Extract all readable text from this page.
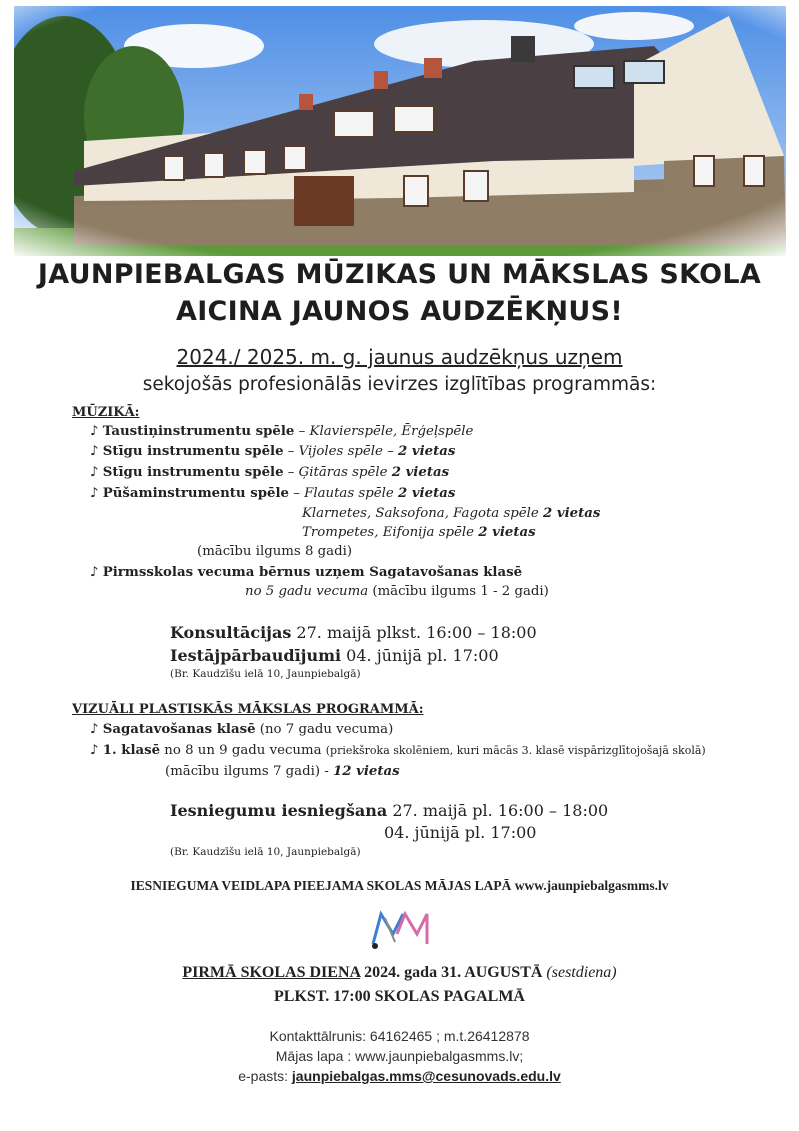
JAUNPIEBALGAS MŪZIKAS UN MĀKSLAS SKOLA
AICINA JAUNOS AUDZĒKŅUS!
2024./ 2025. m. g. jaunus audzēkņus uzņem
sekojošās profesionālās ievirzes izglītības programmās:
MŪZIKĀ:
♪ Taustiņinstrumentu spēle – Klavierspēle, Ērģeļspēle
♪ Stīgu instrumentu spēle – Vijoles spēle – 2 vietas
♪ Stīgu instrumentu spēle – Ģitāras spēle 2 vietas
♪ Pūšaminstrumentu spēle – Flautas spēle 2 vietas
Klarnetes, Saksofona, Fagota spēle 2 vietas
Trompetes, Eifonija spēle 2 vietas
(mācību ilgums 8 gadi)
♪ Pirmsskolas vecuma bērnus uzņem Sagatavošanas klasē
no 5 gadu vecuma (mācību ilgums 1 - 2 gadi)
Konsultācijas 27. maijā plkst. 16:00 – 18:00
Iestājpārbaudījumi 04. jūnijā pl. 17:00
(Br. Kaudzīšu ielā 10, Jaunpiebalgā)
VIZUĀLI PLASTISKĀS MĀKSLAS PROGRAMMĀ:
♪ Sagatavošanas klasē (no 7 gadu vecuma)
♪ 1. klasē no 8 un 9 gadu vecuma (priekšroka skolēniem, kuri mācās 3. klasē vispārizglītojošajā skolā)
(mācību ilgums 7 gadi) - 12 vietas
Iesniegumu iesniegšana 27. maijā pl. 16:00 – 18:00
04. jūnijā pl. 17:00
(Br. Kaudzīšu ielā 10, Jaunpiebalgā)
IESNIEGUMA VEIDLAPA PIEEJAMA SKOLAS MĀJAS LAPĀ www.jaunpiebalgasmms.lv
PIRMĀ SKOLAS DIENA 2024. gada 31. AUGUSTĀ (sestdiena)
PLKST. 17:00 SKOLAS PAGALMĀ
Kontakttālrunis: 64162465 ; m.t.26412878
Mājas lapa : www.jaunpiebalgasmms.lv;
e-pasts: jaunpiebalgas.mms@cesunovads.edu.lv
